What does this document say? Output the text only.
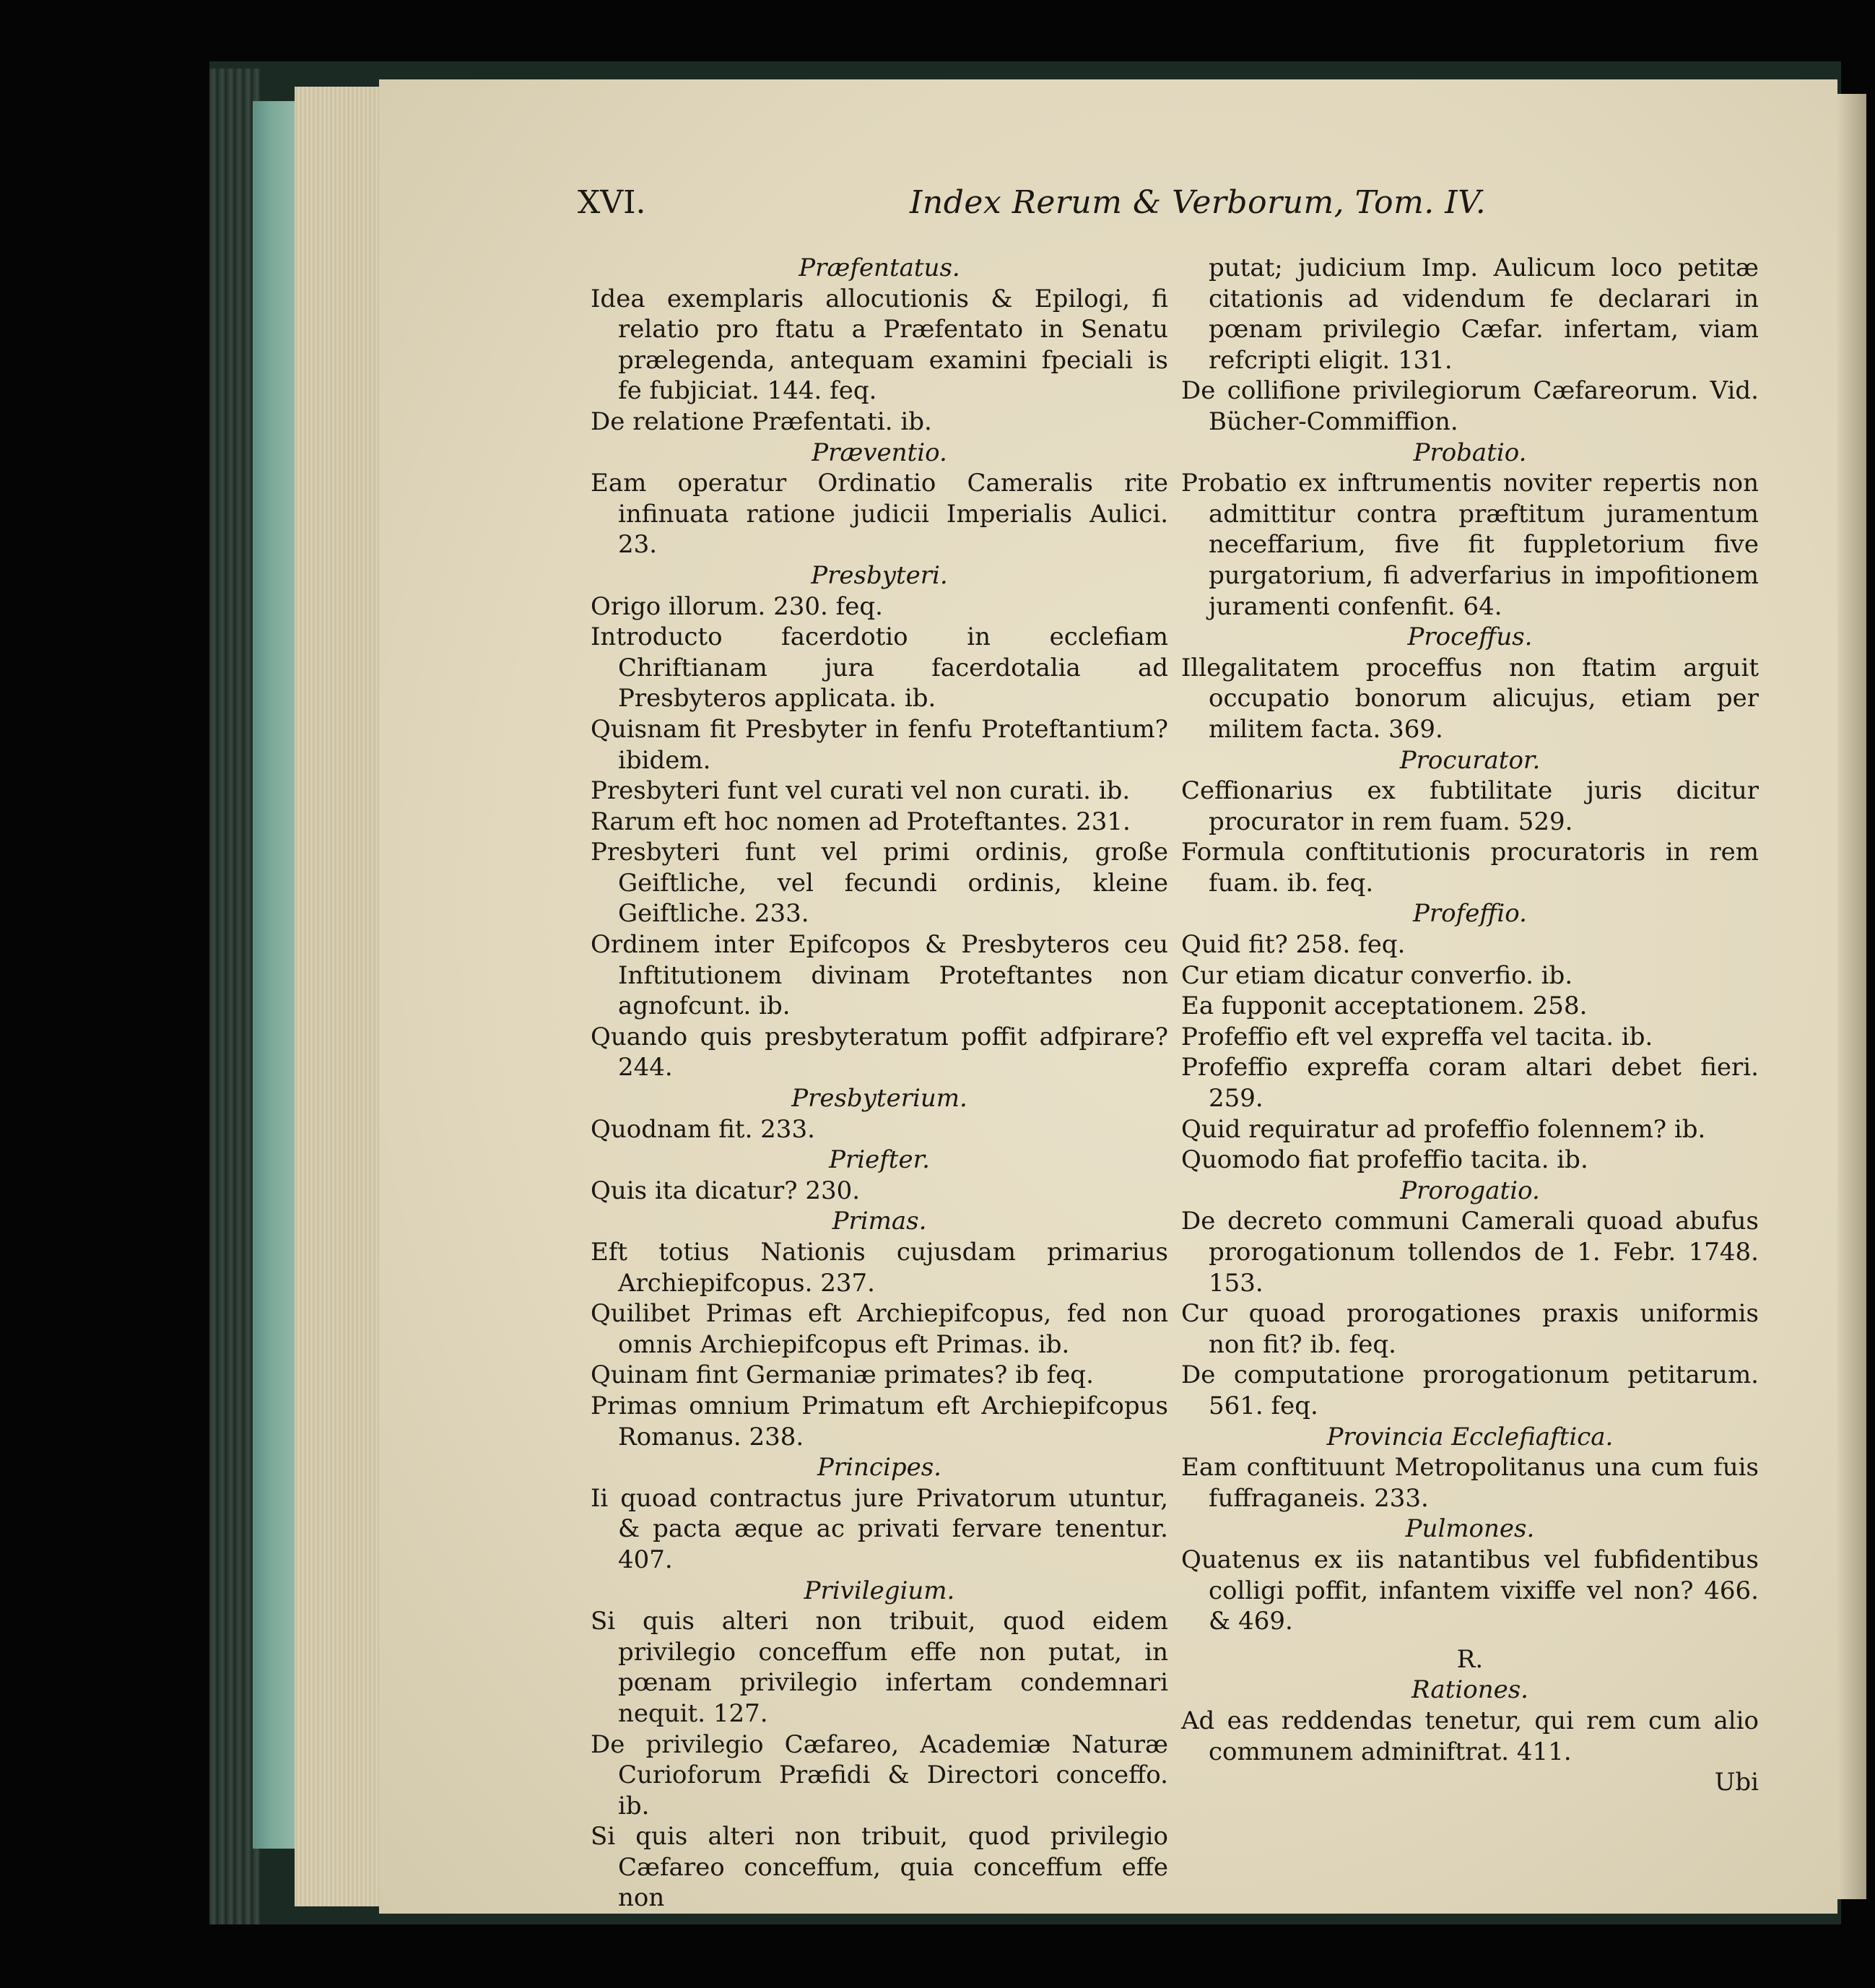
XVI.	Index Rerum & Verborum, Tom. IV.
Præfentatus.
Idea exemplaris allocutionis & Epilogi, fi relatio pro ftatu a Præfentato in Senatu prælegenda, antequam examini fpeciali is fe fubjiciat. 144. feq.
De relatione Præfentati. ib.
Præventio.
Eam operatur Ordinatio Cameralis rite infinuata ratione judicii Imperialis Aulici. 23.
Presbyteri.
Origo illorum. 230. feq.
Introducto facerdotio in ecclefiam Chriftianam jura facerdotalia ad Presbyteros applicata. ib.
Quisnam fit Presbyter in fenfu Proteftantium? ibidem.
Presbyteri funt vel curati vel non curati. ib.
Rarum eft hoc nomen ad Proteftantes. 231.
Presbyteri funt vel primi ordinis, große Geiftliche, vel fecundi ordinis, kleine Geiftliche. 233.
Ordinem inter Epifcopos & Presbyteros ceu Inftitutionem divinam Proteftantes non agnofcunt. ib.
Quando quis presbyteratum poffit adfpirare? 244.
Presbyterium.
Quodnam fit. 233.
Priefter.
Quis ita dicatur? 230.
Primas.
Eft totius Nationis cujusdam primarius Archiepifcopus. 237.
Quilibet Primas eft Archiepifcopus, fed non omnis Archiepifcopus eft Primas. ib.
Quinam fint Germaniæ primates? ib feq.
Primas omnium Primatum eft Archiepifcopus Romanus. 238.
Principes.
Ii quoad contractus jure Privatorum utuntur, & pacta æque ac privati fervare tenentur. 407.
Privilegium.
Si quis alteri non tribuit, quod eidem privilegio conceffum effe non putat, in pœnam privilegio infertam condemnari nequit. 127.
De privilegio Cæfareo, Academiæ Naturæ Curioforum Præfidi & Directori conceffo. ib.
Si quis alteri non tribuit, quod privilegio Cæfareo conceffum, quia conceffum effe non
putat; judicium Imp. Aulicum loco petitæ citationis ad videndum fe declarari in pœnam privilegio Cæfar. infertam, viam refcripti eligit. 131.
De collifione privilegiorum Cæfareorum. Vid. Bücher-Commiffion.
Probatio.
Probatio ex inftrumentis noviter repertis non admittitur contra præftitum juramentum neceffarium, five fit fuppletorium five purgatorium, fi adverfarius in impofitionem juramenti confenfit. 64.
Proceffus.
Illegalitatem proceffus non ftatim arguit occupatio bonorum alicujus, etiam per militem facta. 369.
Procurator.
Ceffionarius ex fubtilitate juris dicitur procurator in rem fuam. 529.
Formula conftitutionis procuratoris in rem fuam. ib. feq.
Profeffio.
Quid fit? 258. feq.
Cur etiam dicatur converfio. ib.
Ea fupponit acceptationem. 258.
Profeffio eft vel expreffa vel tacita. ib.
Profeffio expreffa coram altari debet fieri. 259.
Quid requiratur ad profeffio folennem? ib.
Quomodo fiat profeffio tacita. ib.
Prorogatio.
De decreto communi Camerali quoad abufus prorogationum tollendos de 1. Febr. 1748. 153.
Cur quoad prorogationes praxis uniformis non fit? ib. feq.
De computatione prorogationum petitarum. 561. feq.
Provincia Ecclefiaftica.
Eam conftituunt Metropolitanus una cum fuis fuffraganeis. 233.
Pulmones.
Quatenus ex iis natantibus vel fubfidentibus colligi poffit, infantem vixiffe vel non? 466. & 469.
R.
Rationes.
Ad eas reddendas tenetur, qui rem cum alio communem adminiftrat. 411.
Ubi
